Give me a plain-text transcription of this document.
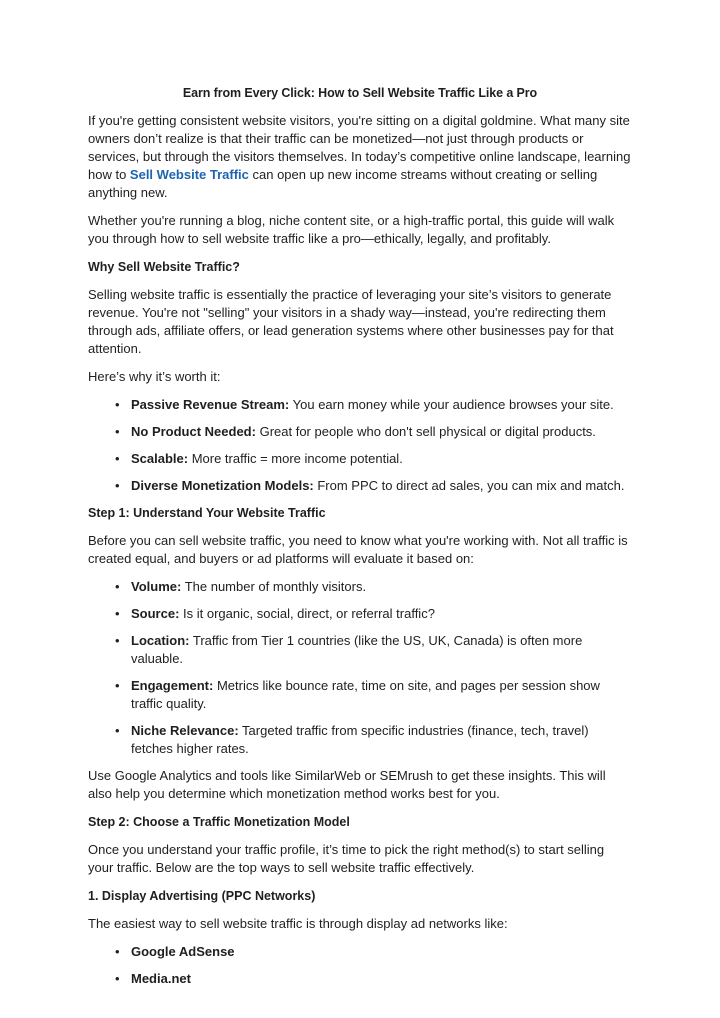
Earn from Every Click: How to Sell Website Traffic Like a Pro

If you're getting consistent website visitors, you're sitting on a digital goldmine. What many site owners don’t realize is that their traffic can be monetized—not just through products or services, but through the visitors themselves. In today’s competitive online landscape, learning how to Sell Website Traffic can open up new income streams without creating or selling anything new.

Whether you're running a blog, niche content site, or a high-traffic portal, this guide will walk you through how to sell website traffic like a pro—ethically, legally, and profitably.

Why Sell Website Traffic?

Selling website traffic is essentially the practice of leveraging your site’s visitors to generate revenue. You're not "selling" your visitors in a shady way—instead, you're redirecting them through ads, affiliate offers, or lead generation systems where other businesses pay for that attention.

Here’s why it’s worth it:

• Passive Revenue Stream: You earn money while your audience browses your site.
• No Product Needed: Great for people who don't sell physical or digital products.
• Scalable: More traffic = more income potential.
• Diverse Monetization Models: From PPC to direct ad sales, you can mix and match.
Step 1: Understand Your Website Traffic

Before you can sell website traffic, you need to know what you're working with. Not all traffic is created equal, and buyers or ad platforms will evaluate it based on:

• Volume: The number of monthly visitors.
• Source: Is it organic, social, direct, or referral traffic?
• Location: Traffic from Tier 1 countries (like the US, UK, Canada) is often more valuable.
• Engagement: Metrics like bounce rate, time on site, and pages per session show traffic quality.
• Niche Relevance: Targeted traffic from specific industries (finance, tech, travel) fetches higher rates.

Use Google Analytics and tools like SimilarWeb or SEMrush to get these insights. This will also help you determine which monetization method works best for you.

Step 2: Choose a Traffic Monetization Model

Once you understand your traffic profile, it’s time to pick the right method(s) to start selling your traffic. Below are the top ways to sell website traffic effectively.

1. Display Advertising (PPC Networks)

The easiest way to sell website traffic is through display ad networks like:

• Google AdSense
• Media.net
